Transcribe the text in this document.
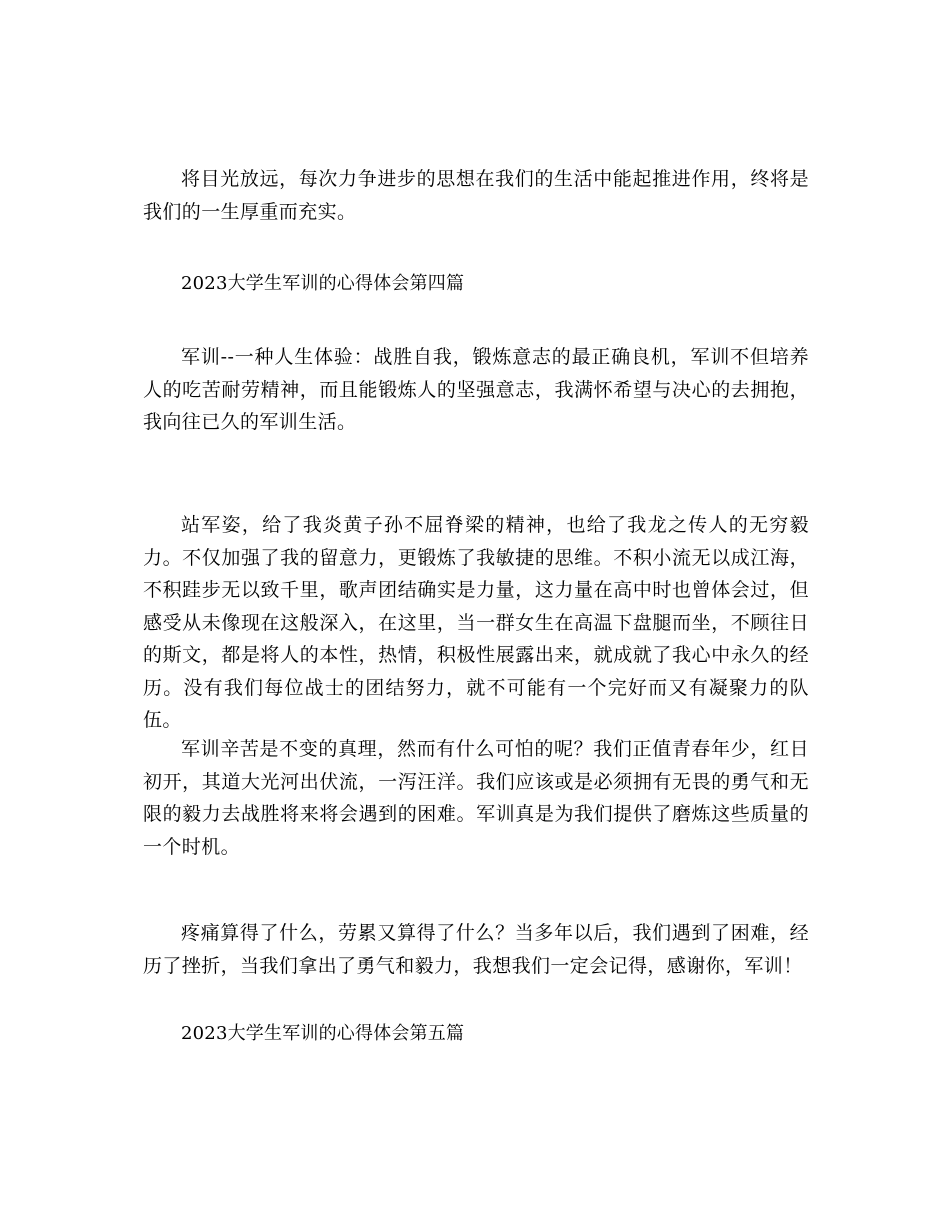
将目光放远，每次力争进步的思想在我们的生活中能起推进作用，终将是我们的一生厚重而充实。

2023大学生军训的心得体会第四篇

军训--一种人生体验：战胜自我，锻炼意志的最正确良机，军训不但培养人的吃苦耐劳精神，而且能锻炼人的坚强意志，我满怀希望与决心的去拥抱，我向往已久的军训生活。

站军姿，给了我炎黄子孙不屈脊梁的精神，也给了我龙之传人的无穷毅力。不仅加强了我的留意力，更锻炼了我敏捷的思维。不积小流无以成江海，不积跬步无以致千里，歌声团结确实是力量，这力量在高中时也曾体会过，但感受从未像现在这般深入，在这里，当一群女生在高温下盘腿而坐，不顾往日的斯文，都是将人的本性，热情，积极性展露出来，就成就了我心中永久的经历。没有我们每位战士的团结努力，就不可能有一个完好而又有凝聚力的队伍。

军训辛苦是不变的真理，然而有什么可怕的呢？我们正值青春年少，红日初开，其道大光河出伏流，一泻汪洋。我们应该或是必须拥有无畏的勇气和无限的毅力去战胜将来将会遇到的困难。军训真是为我们提供了磨炼这些质量的一个时机。

疼痛算得了什么，劳累又算得了什么？当多年以后，我们遇到了困难，经历了挫折，当我们拿出了勇气和毅力，我想我们一定会记得，感谢你，军训！

2023大学生军训的心得体会第五篇
